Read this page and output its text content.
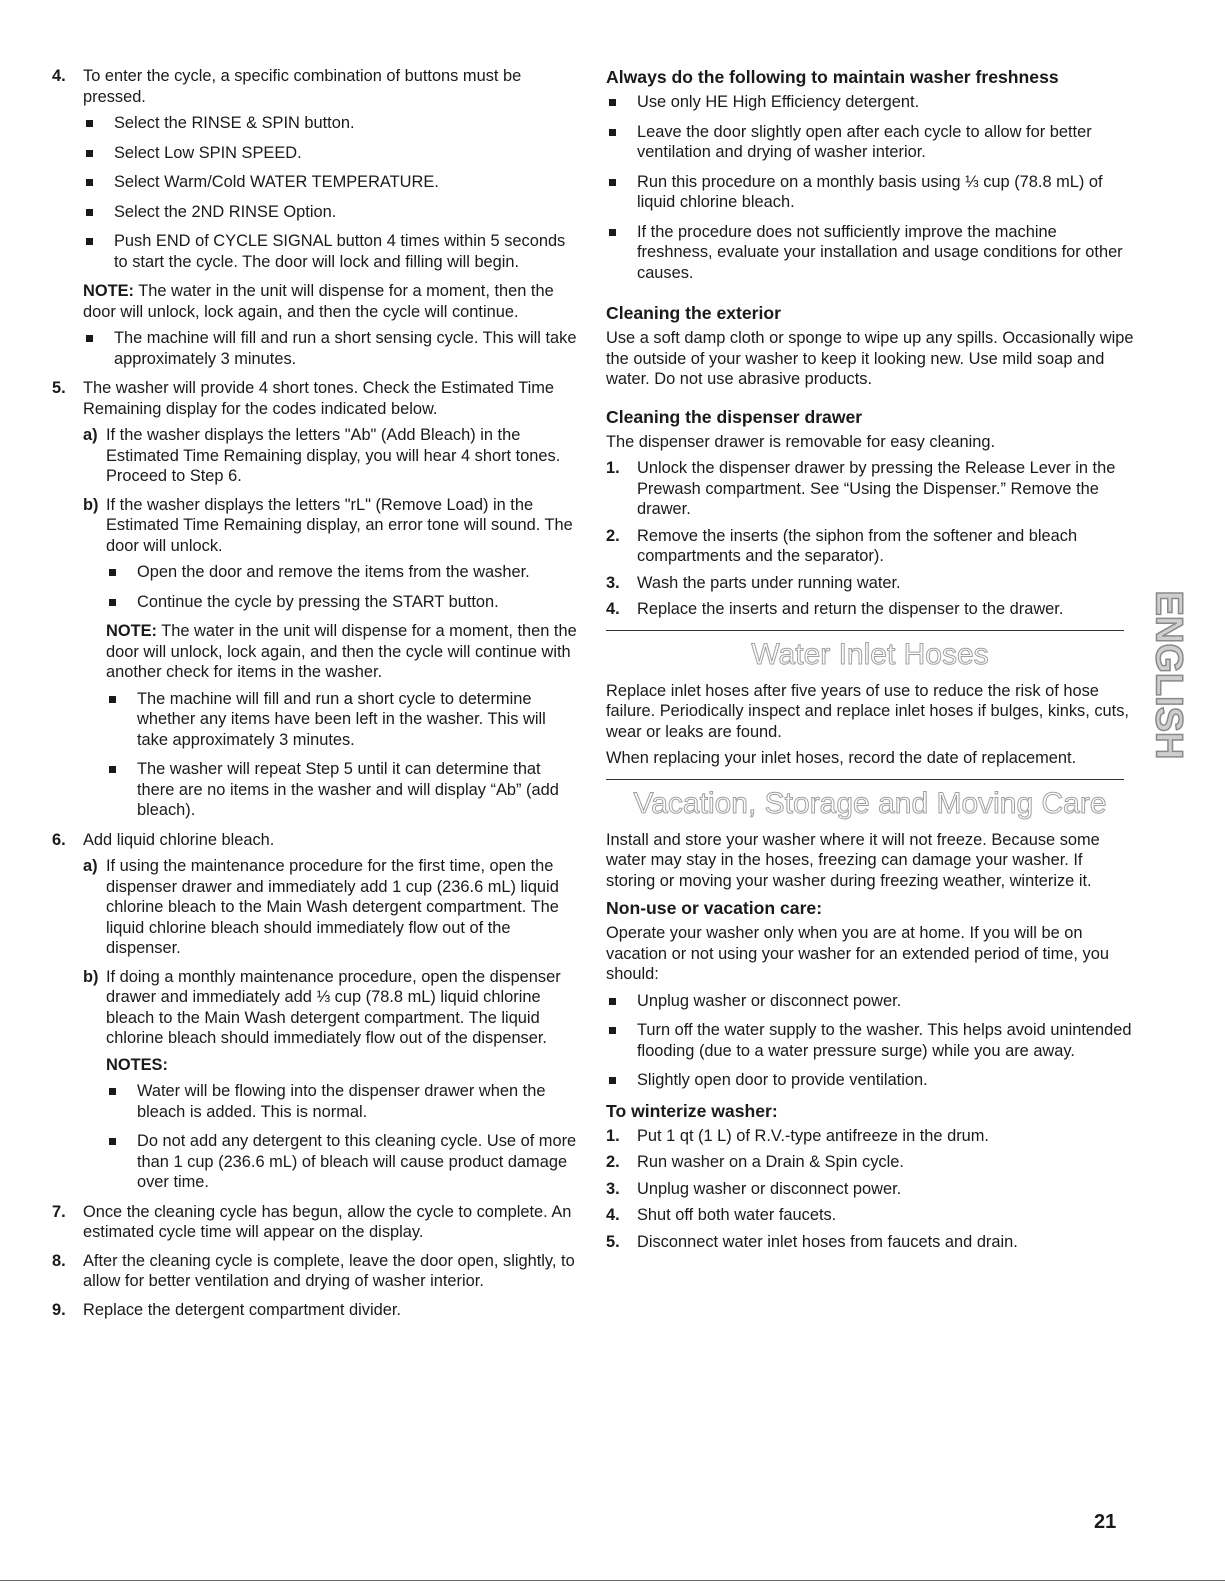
4. To enter the cycle, a specific combination of buttons must be pressed.
Select the RINSE & SPIN button.
Select Low SPIN SPEED.
Select Warm/Cold WATER TEMPERATURE.
Select the 2ND RINSE Option.
Push END of CYCLE SIGNAL button 4 times within 5 seconds to start the cycle. The door will lock and filling will begin.
NOTE: The water in the unit will dispense for a moment, then the door will unlock, lock again, and then the cycle will continue.
The machine will fill and run a short sensing cycle. This will take approximately 3 minutes.
5. The washer will provide 4 short tones. Check the Estimated Time Remaining display for the codes indicated below.
a) If the washer displays the letters "Ab" (Add Bleach) in the Estimated Time Remaining display, you will hear 4 short tones. Proceed to Step 6.
b) If the washer displays the letters "rL" (Remove Load) in the Estimated Time Remaining display, an error tone will sound. The door will unlock.
Open the door and remove the items from the washer.
Continue the cycle by pressing the START button.
NOTE: The water in the unit will dispense for a moment, then the door will unlock, lock again, and then the cycle will continue with another check for items in the washer.
The machine will fill and run a short cycle to determine whether any items have been left in the washer. This will take approximately 3 minutes.
The washer will repeat Step 5 until it can determine that there are no items in the washer and will display “Ab” (add bleach).
6. Add liquid chlorine bleach.
a) If using the maintenance procedure for the first time, open the dispenser drawer and immediately add 1 cup (236.6 mL) liquid chlorine bleach to the Main Wash detergent compartment. The liquid chlorine bleach should immediately flow out of the dispenser.
b) If doing a monthly maintenance procedure, open the dispenser drawer and immediately add ⅓ cup (78.8 mL) liquid chlorine bleach to the Main Wash detergent compartment. The liquid chlorine bleach should immediately flow out of the dispenser.
NOTES:
Water will be flowing into the dispenser drawer when the bleach is added. This is normal.
Do not add any detergent to this cleaning cycle. Use of more than 1 cup (236.6 mL) of bleach will cause product damage over time.
7. Once the cleaning cycle has begun, allow the cycle to complete. An estimated cycle time will appear on the display.
8. After the cleaning cycle is complete, leave the door open, slightly, to allow for better ventilation and drying of washer interior.
9. Replace the detergent compartment divider.
Always do the following to maintain washer freshness
Use only HE High Efficiency detergent.
Leave the door slightly open after each cycle to allow for better ventilation and drying of washer interior.
Run this procedure on a monthly basis using ⅓ cup (78.8 mL) of liquid chlorine bleach.
If the procedure does not sufficiently improve the machine freshness, evaluate your installation and usage conditions for other causes.
Cleaning the exterior
Use a soft damp cloth or sponge to wipe up any spills. Occasionally wipe the outside of your washer to keep it looking new. Use mild soap and water. Do not use abrasive products.
Cleaning the dispenser drawer
The dispenser drawer is removable for easy cleaning.
1. Unlock the dispenser drawer by pressing the Release Lever in the Prewash compartment. See “Using the Dispenser.” Remove the drawer.
2. Remove the inserts (the siphon from the softener and bleach compartments and the separator).
3. Wash the parts under running water.
4. Replace the inserts and return the dispenser to the drawer.
Water Inlet Hoses
Replace inlet hoses after five years of use to reduce the risk of hose failure. Periodically inspect and replace inlet hoses if bulges, kinks, cuts, wear or leaks are found.
When replacing your inlet hoses, record the date of replacement.
Vacation, Storage and Moving Care
Install and store your washer where it will not freeze. Because some water may stay in the hoses, freezing can damage your washer. If storing or moving your washer during freezing weather, winterize it.
Non-use or vacation care:
Operate your washer only when you are at home. If you will be on vacation or not using your washer for an extended period of time, you should:
Unplug washer or disconnect power.
Turn off the water supply to the washer. This helps avoid unintended flooding (due to a water pressure surge) while you are away.
Slightly open door to provide ventilation.
To winterize washer:
1. Put 1 qt (1 L) of R.V.-type antifreeze in the drum.
2. Run washer on a Drain & Spin cycle.
3. Unplug washer or disconnect power.
4. Shut off both water faucets.
5. Disconnect water inlet hoses from faucets and drain.
ENGLISH
21
